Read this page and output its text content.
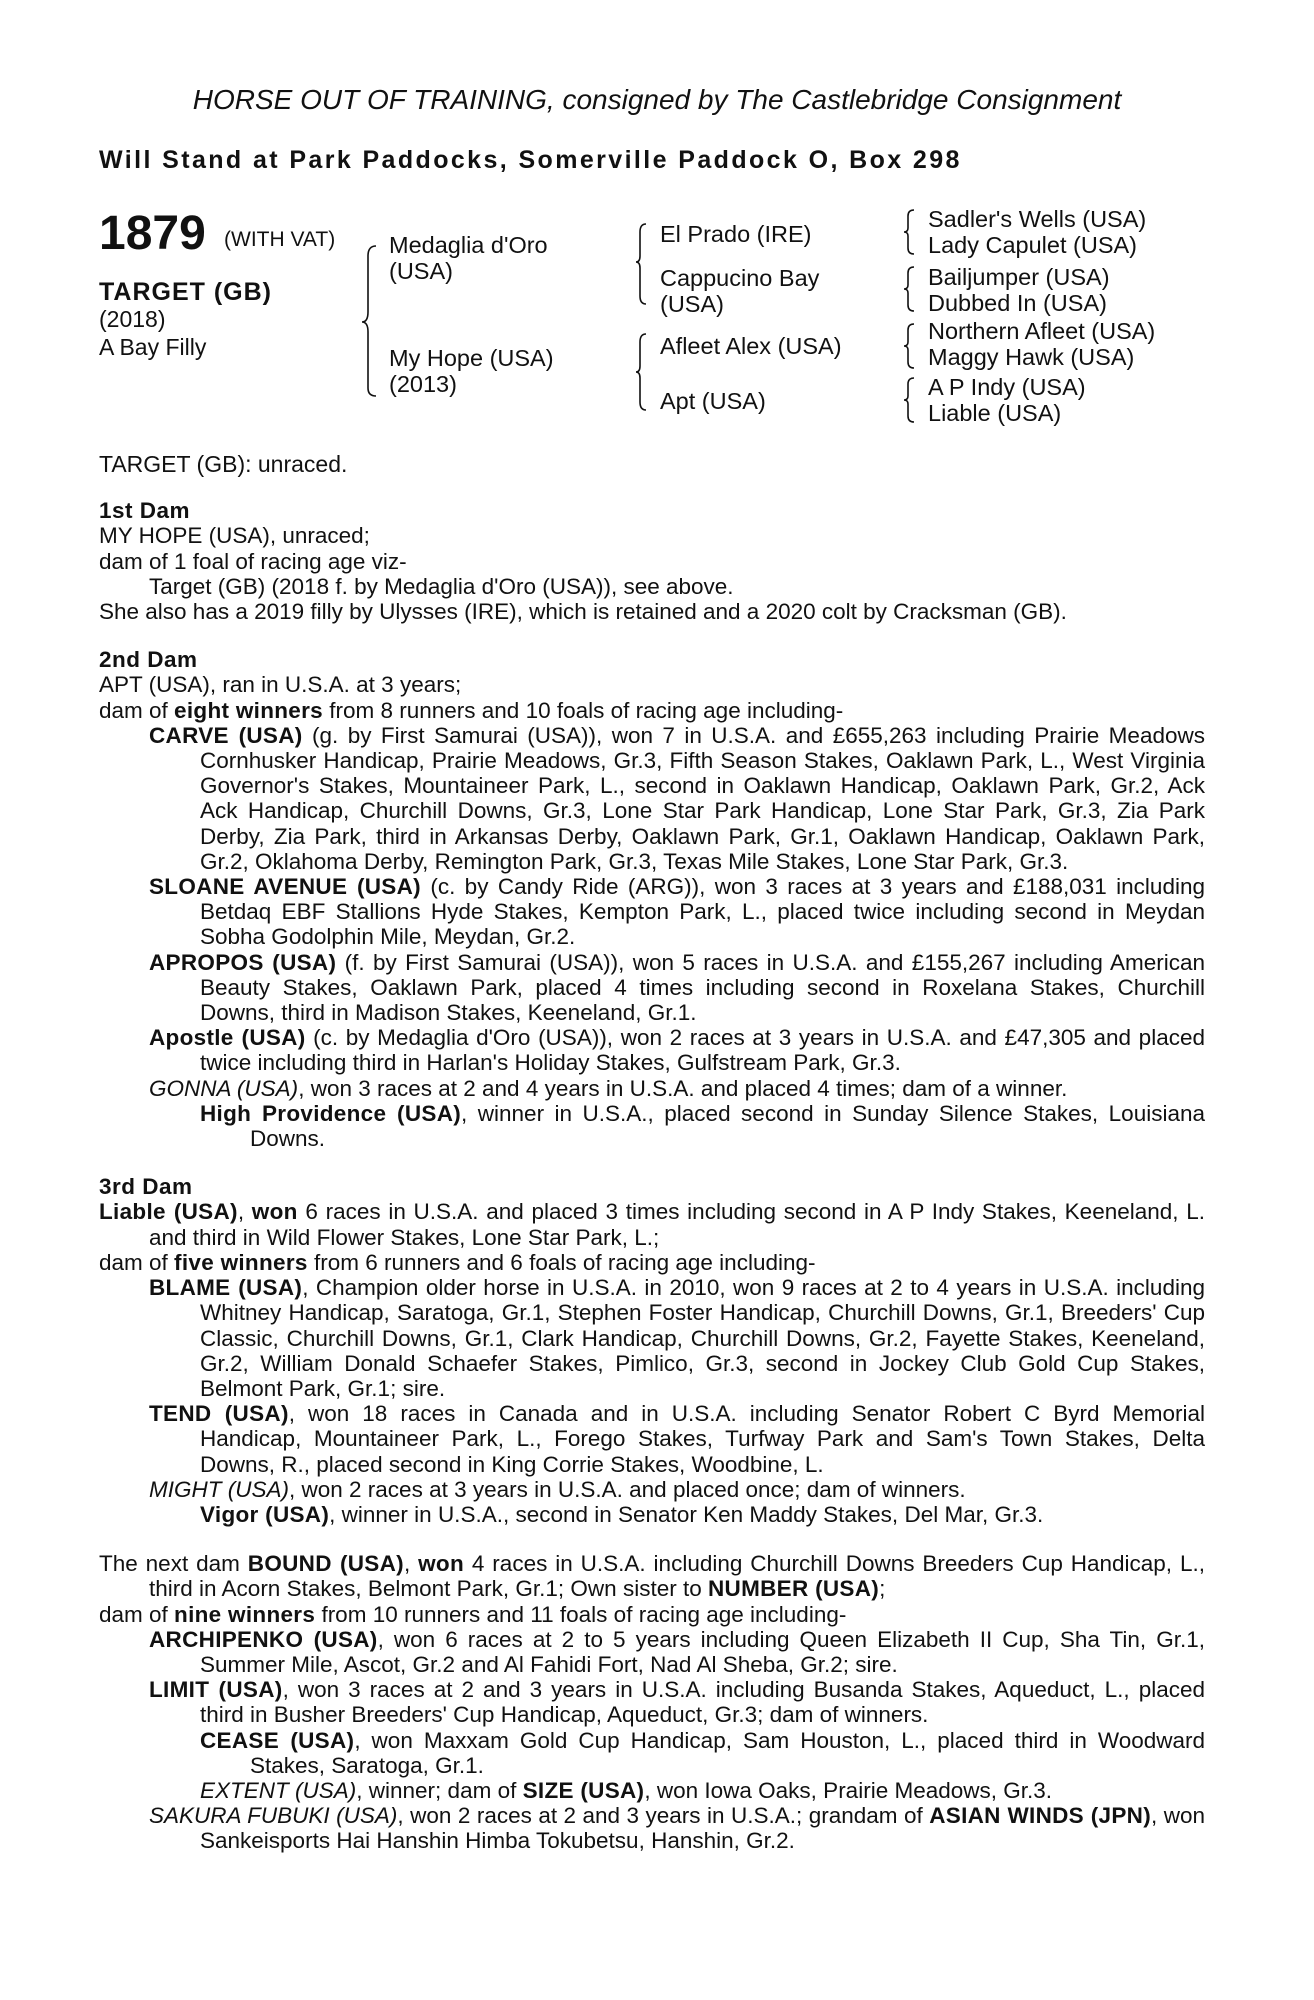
HORSE OUT OF TRAINING, consigned by The Castlebridge Consignment
Will Stand at Park Paddocks, Somerville Paddock O, Box 298
1879 (WITH VAT)
TARGET (GB)
(2018)
A Bay Filly
Medaglia d'Oro (USA)
My Hope (USA) (2013)
El Prado (IRE)
Cappucino Bay (USA)
Afleet Alex (USA)
Apt (USA)
Sadler's Wells (USA)
Lady Capulet (USA)
Bailjumper (USA)
Dubbed In (USA)
Northern Afleet (USA)
Maggy Hawk (USA)
A P Indy (USA)
Liable (USA)
TARGET (GB): unraced.
1st Dam
MY HOPE (USA), unraced;
dam of 1 foal of racing age viz-
Target (GB) (2018 f. by Medaglia d'Oro (USA)), see above.
She also has a 2019 filly by Ulysses (IRE), which is retained and a 2020 colt by Cracksman (GB).
2nd Dam
APT (USA), ran in U.S.A. at 3 years;
dam of eight winners from 8 runners and 10 foals of racing age including-
CARVE (USA) (g. by First Samurai (USA)), won 7 in U.S.A. and £655,263 including Prairie Meadows Cornhusker Handicap, Prairie Meadows, Gr.3, Fifth Season Stakes, Oaklawn Park, L., West Virginia Governor's Stakes, Mountaineer Park, L., second in Oaklawn Handicap, Oaklawn Park, Gr.2, Ack Ack Handicap, Churchill Downs, Gr.3, Lone Star Park Handicap, Lone Star Park, Gr.3, Zia Park Derby, Zia Park, third in Arkansas Derby, Oaklawn Park, Gr.1, Oaklawn Handicap, Oaklawn Park, Gr.2, Oklahoma Derby, Remington Park, Gr.3, Texas Mile Stakes, Lone Star Park, Gr.3.
SLOANE AVENUE (USA) (c. by Candy Ride (ARG)), won 3 races at 3 years and £188,031 including Betdaq EBF Stallions Hyde Stakes, Kempton Park, L., placed twice including second in Meydan Sobha Godolphin Mile, Meydan, Gr.2.
APROPOS (USA) (f. by First Samurai (USA)), won 5 races in U.S.A. and £155,267 including American Beauty Stakes, Oaklawn Park, placed 4 times including second in Roxelana Stakes, Churchill Downs, third in Madison Stakes, Keeneland, Gr.1.
Apostle (USA) (c. by Medaglia d'Oro (USA)), won 2 races at 3 years in U.S.A. and £47,305 and placed twice including third in Harlan's Holiday Stakes, Gulfstream Park, Gr.3.
GONNA (USA), won 3 races at 2 and 4 years in U.S.A. and placed 4 times; dam of a winner.
High Providence (USA), winner in U.S.A., placed second in Sunday Silence Stakes, Louisiana Downs.
3rd Dam
Liable (USA), won 6 races in U.S.A. and placed 3 times including second in A P Indy Stakes, Keeneland, L. and third in Wild Flower Stakes, Lone Star Park, L.;
dam of five winners from 6 runners and 6 foals of racing age including-
BLAME (USA), Champion older horse in U.S.A. in 2010, won 9 races at 2 to 4 years in U.S.A. including Whitney Handicap, Saratoga, Gr.1, Stephen Foster Handicap, Churchill Downs, Gr.1, Breeders' Cup Classic, Churchill Downs, Gr.1, Clark Handicap, Churchill Downs, Gr.2, Fayette Stakes, Keeneland, Gr.2, William Donald Schaefer Stakes, Pimlico, Gr.3, second in Jockey Club Gold Cup Stakes, Belmont Park, Gr.1; sire.
TEND (USA), won 18 races in Canada and in U.S.A. including Senator Robert C Byrd Memorial Handicap, Mountaineer Park, L., Forego Stakes, Turfway Park and Sam's Town Stakes, Delta Downs, R., placed second in King Corrie Stakes, Woodbine, L.
MIGHT (USA), won 2 races at 3 years in U.S.A. and placed once; dam of winners.
Vigor (USA), winner in U.S.A., second in Senator Ken Maddy Stakes, Del Mar, Gr.3.
The next dam BOUND (USA), won 4 races in U.S.A. including Churchill Downs Breeders Cup Handicap, L., third in Acorn Stakes, Belmont Park, Gr.1; Own sister to NUMBER (USA);
dam of nine winners from 10 runners and 11 foals of racing age including-
ARCHIPENKO (USA), won 6 races at 2 to 5 years including Queen Elizabeth II Cup, Sha Tin, Gr.1, Summer Mile, Ascot, Gr.2 and Al Fahidi Fort, Nad Al Sheba, Gr.2; sire.
LIMIT (USA), won 3 races at 2 and 3 years in U.S.A. including Busanda Stakes, Aqueduct, L., placed third in Busher Breeders' Cup Handicap, Aqueduct, Gr.3; dam of winners.
CEASE (USA), won Maxxam Gold Cup Handicap, Sam Houston, L., placed third in Woodward Stakes, Saratoga, Gr.1.
EXTENT (USA), winner; dam of SIZE (USA), won Iowa Oaks, Prairie Meadows, Gr.3.
SAKURA FUBUKI (USA), won 2 races at 2 and 3 years in U.S.A.; grandam of ASIAN WINDS (JPN), won Sankeisports Hai Hanshin Himba Tokubetsu, Hanshin, Gr.2.
